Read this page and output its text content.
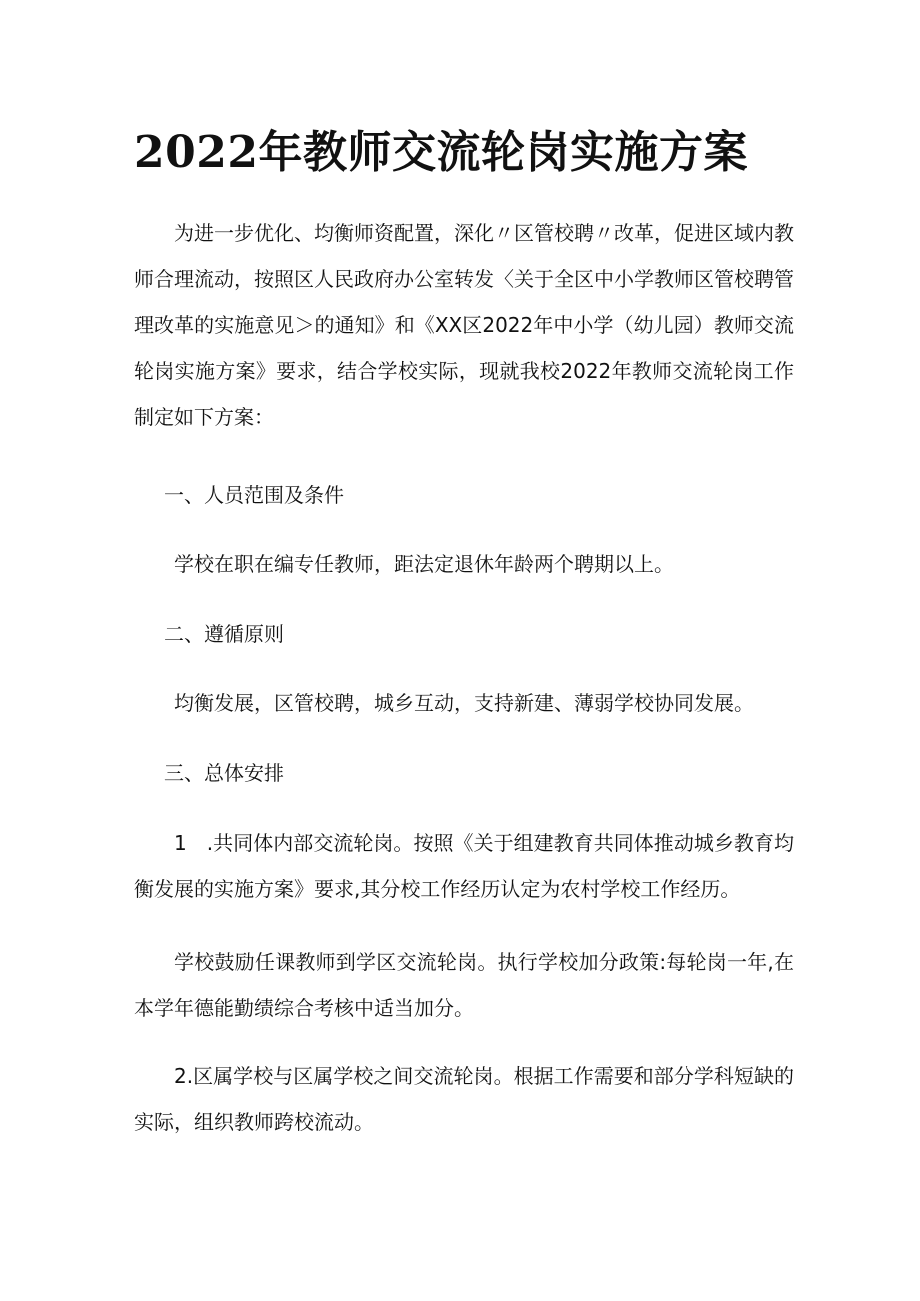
2022年教师交流轮岗实施方案

为进一步优化、均衡师资配置，深化〃区管校聘〃改革，促进区域内教师合理流动，按照区人民政府办公室转发〈关于全区中小学教师区管校聘管理改革的实施意见＞的通知》和《XX区2022年中小学（幼儿园）教师交流轮岗实施方案》要求，结合学校实际，现就我校2022年教师交流轮岗工作制定如下方案：

一、人员范围及条件

学校在职在编专任教师，距法定退休年龄两个聘期以上。

二、遵循原则

均衡发展，区管校聘，城乡互动，支持新建、薄弱学校协同发展。

三、总体安排

1　.共同体内部交流轮岗。按照《关于组建教育共同体推动城乡教育均衡发展的实施方案》要求,其分校工作经历认定为农村学校工作经历。

学校鼓励任课教师到学区交流轮岗。执行学校加分政策:每轮岗一年,在本学年德能勤绩综合考核中适当加分。

2.区属学校与区属学校之间交流轮岗。根据工作需要和部分学科短缺的实际，组织教师跨校流动。
